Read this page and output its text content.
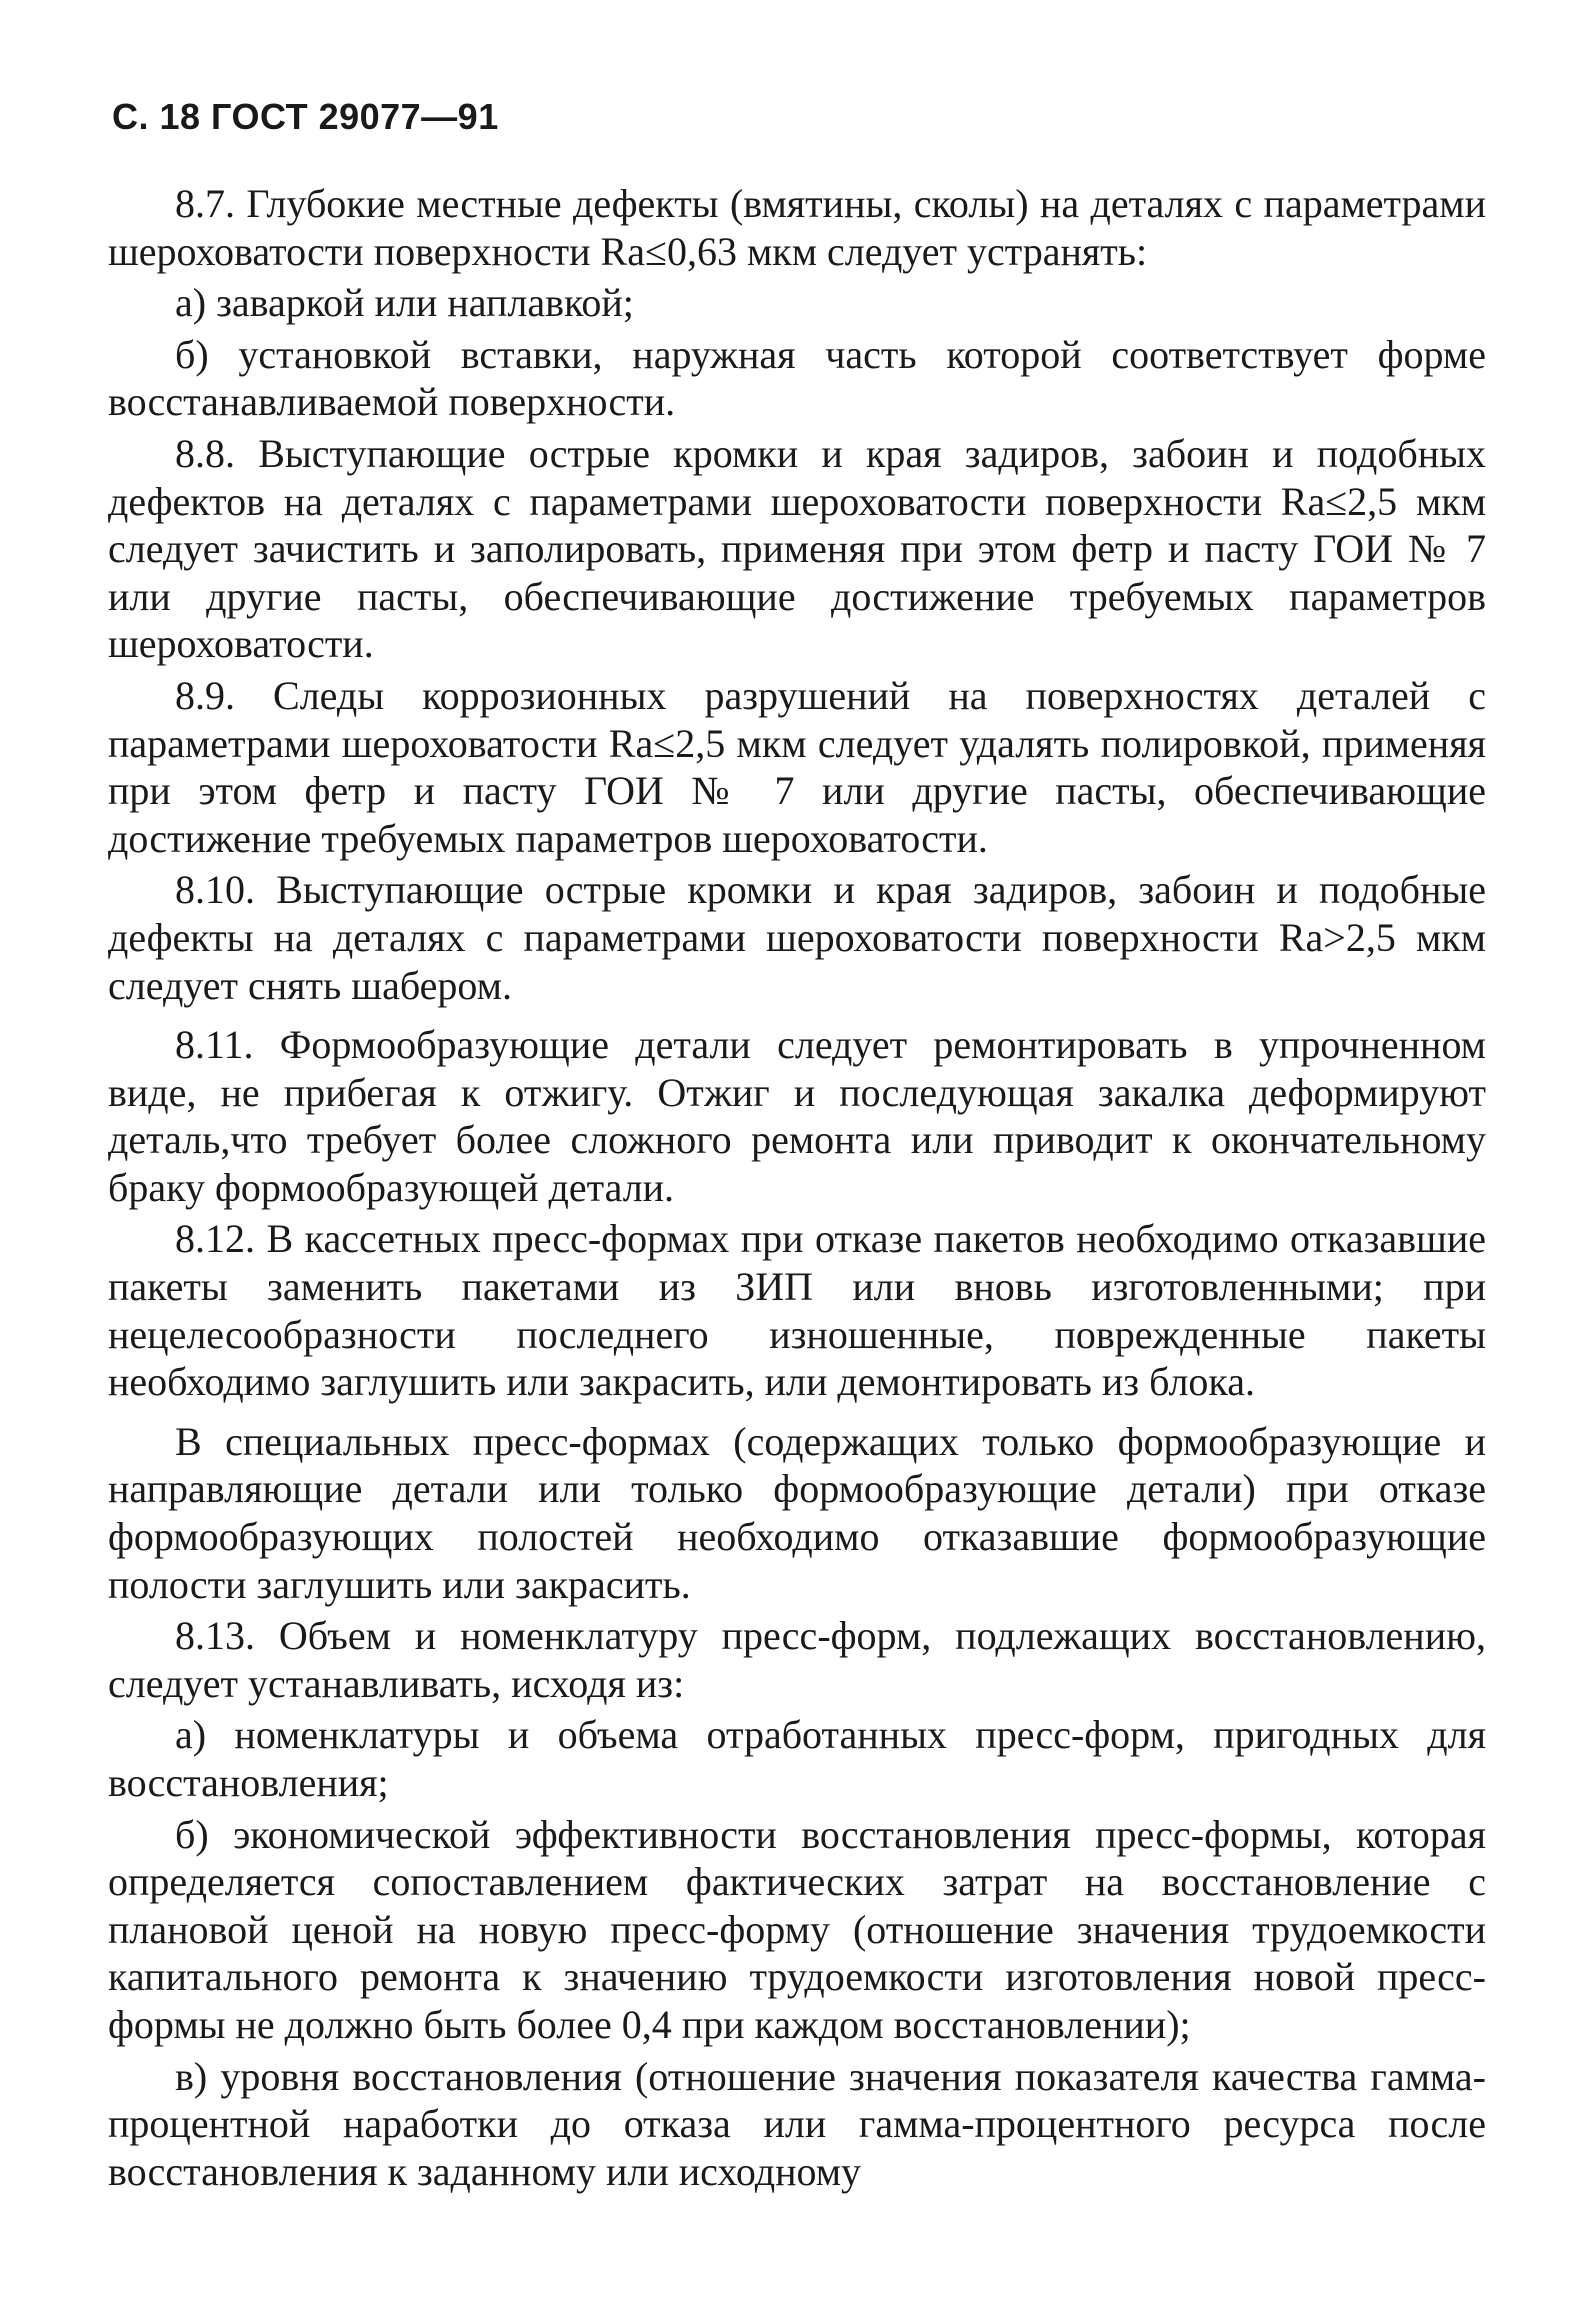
С. 18 ГОСТ 29077—91

8.7. Глубокие местные дефекты (вмятины, сколы) на деталях с параметрами шероховатости поверхности Ra≤0,63 мкм следует устранять:

а) заваркой или наплавкой;

б) установкой вставки, наружная часть которой соответствует форме восстанавливаемой поверхности.

8.8. Выступающие острые кромки и края задиров, забоин и подобных дефектов на деталях с параметрами шероховатости поверхности Ra≤2,5 мкм следует зачистить и заполировать, применяя при этом фетр и пасту ГОИ № 7 или другие пасты, обеспечивающие достижение требуемых параметров шероховатости.

8.9. Следы коррозионных разрушений на поверхностях деталей с параметрами шероховатости Ra≤2,5 мкм следует удалять полировкой, применяя при этом фетр и пасту ГОИ № 7 или другие пасты, обеспечивающие достижение требуемых параметров шероховатости.

8.10. Выступающие острые кромки и края задиров, забоин и подобные дефекты на деталях с параметрами шероховатости поверхности Ra>2,5 мкм следует снять шабером.

8.11. Формообразующие детали следует ремонтировать в упрочненном виде, не прибегая к отжигу. Отжиг и последующая закалка деформируют деталь,что требует более сложного ремонта или приводит к окончательному браку формообразующей детали.

8.12. В кассетных пресс-формах при отказе пакетов необходимо отказавшие пакеты заменить пакетами из ЗИП или вновь изготовленными; при нецелесообразности последнего изношенные, поврежденные пакеты необходимо заглушить или закрасить, или демонтировать из блока.

В специальных пресс-формах (содержащих только формообразующие и направляющие детали или только формообразующие детали) при отказе формообразующих полостей необходимо отказавшие формообразующие полости заглушить или закрасить.

8.13. Объем и номенклатуру пресс-форм, подлежащих восстановлению, следует устанавливать, исходя из:

а) номенклатуры и объема отработанных пресс-форм, пригодных для восстановления;

б) экономической эффективности восстановления пресс-формы, которая определяется сопоставлением фактических затрат на восстановление с плановой ценой на новую пресс-форму (отношение значения трудоемкости капитального ремонта к значению трудоемкости изготовления новой пресс-формы не должно быть более 0,4 при каждом восстановлении);

в) уровня восстановления (отношение значения показателя качества гамма-процентной наработки до отказа или гамма-процентного ресурса после восстановления к заданному или исходному
